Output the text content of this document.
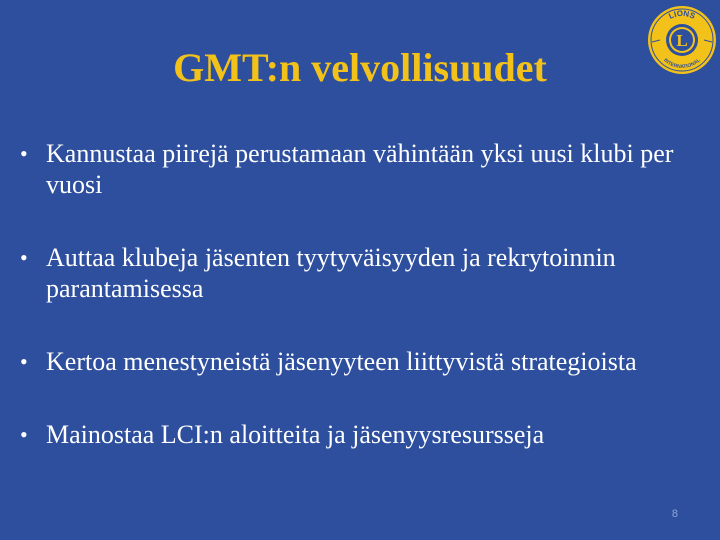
GMT:n velvollisuudet
LIONS
INTERNATIONAL
L
• Kannustaa piirejä perustamaan vähintään yksi uusi klubi per vuosi
• Auttaa klubeja jäsenten tyytyväisyyden ja rekrytoinnin parantamisessa
• Kertoa menestyneistä jäsenyyteen liittyvistä strategioista
• Mainostaa LCI:n aloitteita ja jäsenyysresursseja
8
